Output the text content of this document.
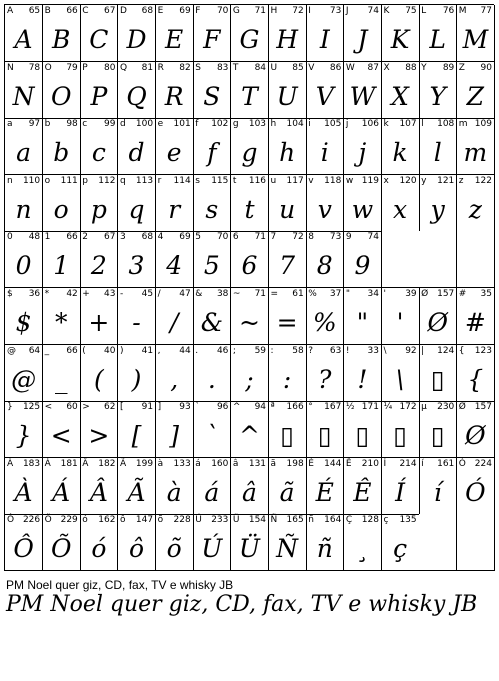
A 65
A
B 66
B
C 67
C
D 68
D
E 69
E
F 70
F
G 71
G
H 72
H
I 73
I
J 74
J
K 75
K
L 76
L
M 77
M
N 78
N
O 79
O
P 80
P
Q 81
Q
R 82
R
S 83
S
T 84
T
U 85
U
V 86
V
W 87
W
X 88
X
Y 89
Y
Z 90
Z
a 97
a
b 98
b
c 99
c
d 100
d
e 101
e
f 102
f
g 103
g
h 104
h
i 105
i
j 106
j
k 107
k
l 108
l
m 109
m
n 110
n
o 111
o
p 112
p
q 113
q
r 114
r
s 115
s
t 116
t
u 117
u
v 118
v
w 119
w
x 120
x
y 121
y
z 122
z
0 48
0
1 66
1
2 67
2
3 68
3
4 69
4
5 70
5
6 71
6
7 72
7
8 73
8
9 74
9
$ 36
$
* 42
*
+ 43
+
- 45
-
/ 47
/
& 38
&
~ 71
~
= 61
=
% 37
%
" 34
"
' 39
'
Ø 157
Ø
# 35
#
@ 64
@
_ 66
_
( 40
(
) 41
)
, 44
,
. 46
.
; 59
;
: 58
:
? 63
?
! 33
!
\ 92
\
| 124
▯
{ 123
{
} 125
}
< 60
<
> 62
>
[ 91
[
] 93
]
` 96
`
^ 94
^
ª 166
▯
° 167
▯
½ 171
▯
¼ 172
▯
µ 230
▯
Ø 157
Ø
À 183
À
Á 181
Á
Â 182
Â
Ã 199
Ã
à 133
à
á 160
á
â 131
â
ã 198
ã
É 144
É
Ê 210
Ê
Í 214
Í
í 161
í
Ó 224
Ó
Ô 226
Ô
Õ 229
Õ
ó 162
ó
ô 147
ô
õ 228
õ
Ú 233
Ú
Ü 154
Ü
Ñ 165
Ñ
ñ 164
ñ
Ç 128
¸
ç 135
ç
PM Noel quer giz, CD, fax, TV e whisky JB
PM Noel quer giz, CD, fax, TV e whisky JB
